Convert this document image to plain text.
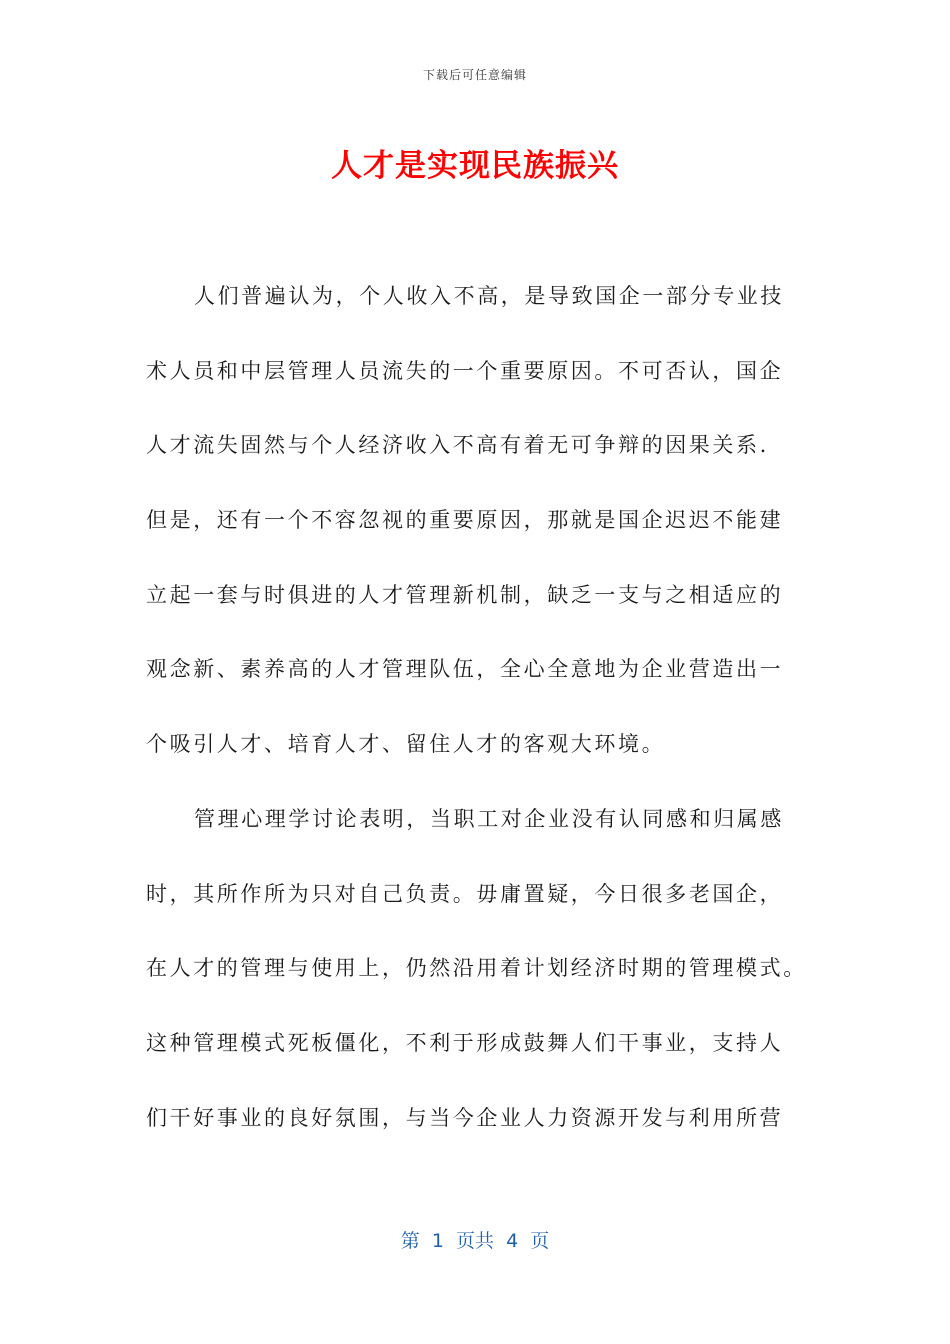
下载后可任意编辑
人才是实现民族振兴
人们普遍认为，个人收入不高，是导致国企一部分专业技
术人员和中层管理人员流失的一个重要原因。不可否认，国企
人才流失固然与个人经济收入不高有着无可争辩的因果关系.
但是，还有一个不容忽视的重要原因，那就是国企迟迟不能建
立起一套与时俱进的人才管理新机制，缺乏一支与之相适应的
观念新、素养高的人才管理队伍，全心全意地为企业营造出一
个吸引人才、培育人才、留住人才的客观大环境。
管理心理学讨论表明，当职工对企业没有认同感和归属感
时，其所作所为只对自己负责。毋庸置疑，今日很多老国企，
在人才的管理与使用上，仍然沿用着计划经济时期的管理模式。
这种管理模式死板僵化，不利于形成鼓舞人们干事业，支持人
们干好事业的良好氛围，与当今企业人力资源开发与利用所营
第  1  页共  4  页
